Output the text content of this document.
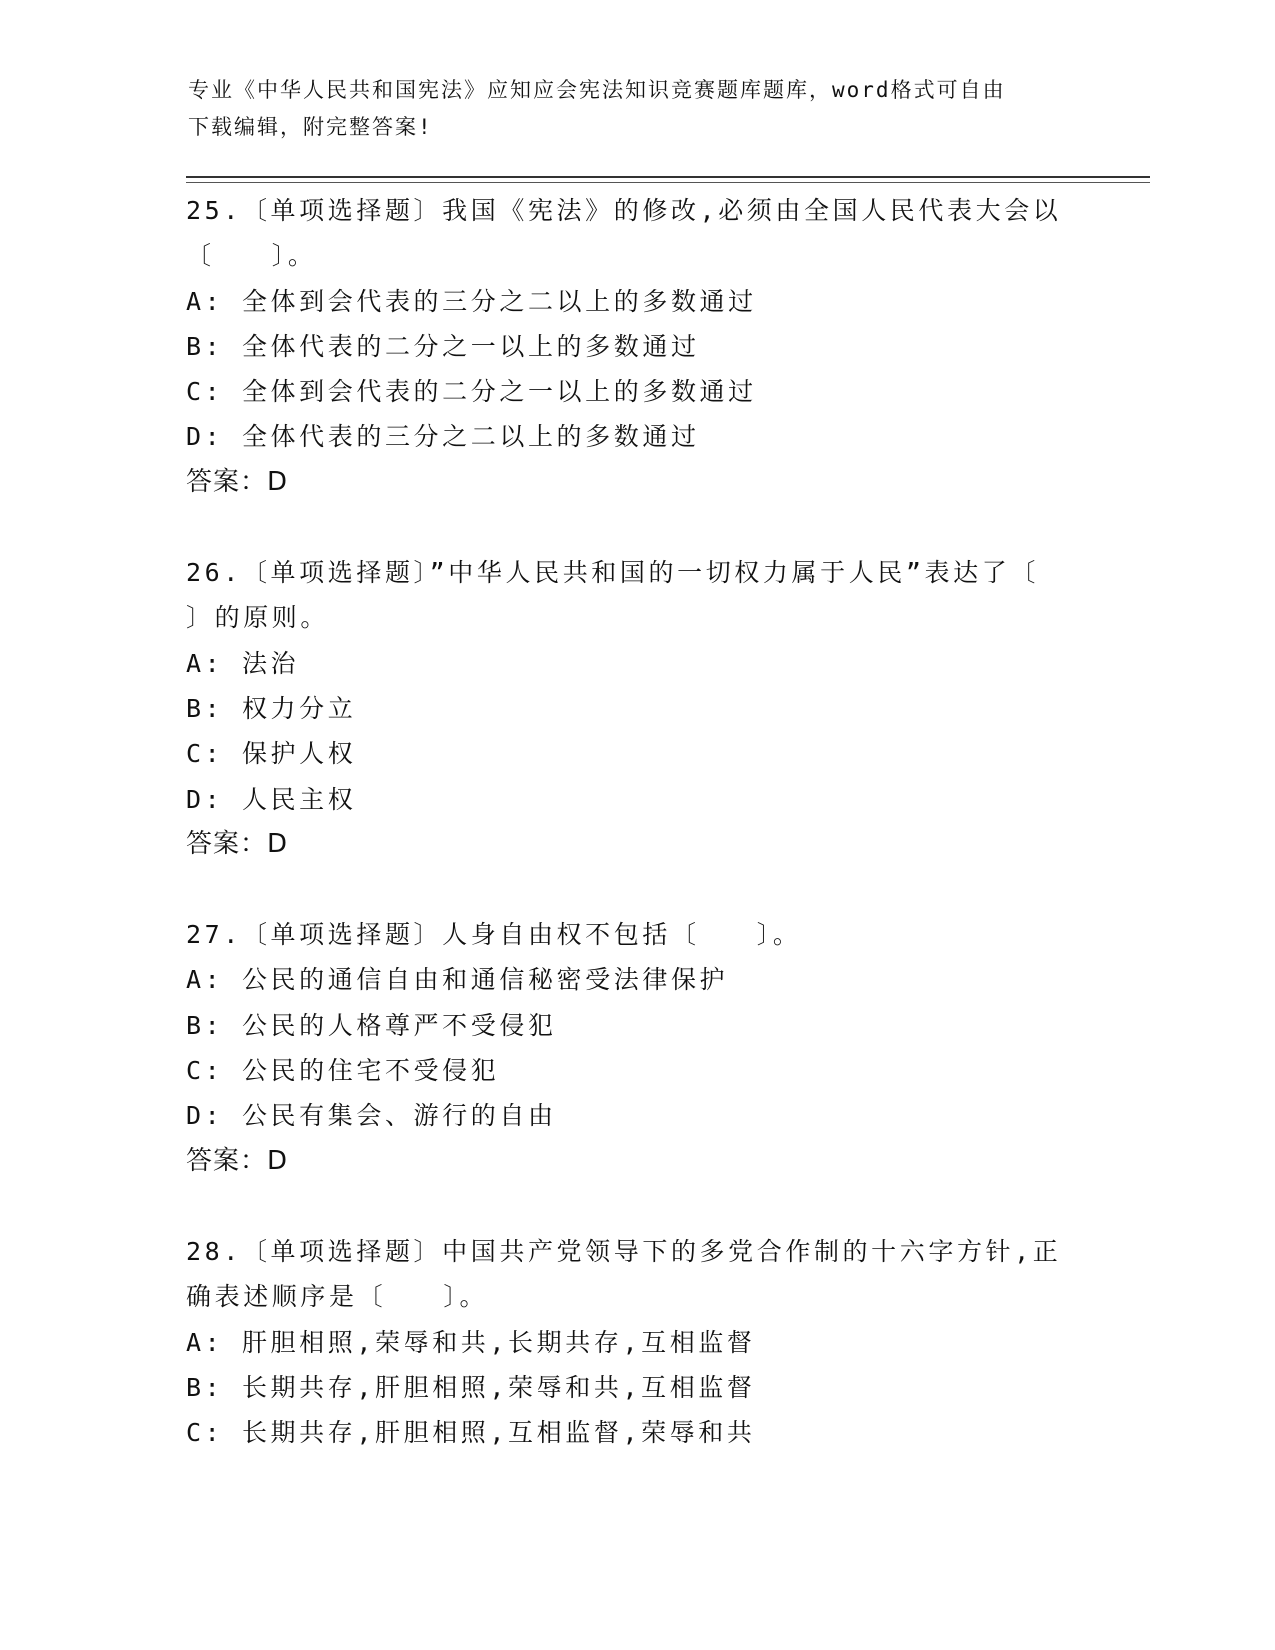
专业《中华人民共和国宪法》应知应会宪法知识竞赛题库题库，word格式可自由
下载编辑，附完整答案!
25.〔单项选择题〕我国《宪法》的修改,必须由全国人民代表大会以
〔　　〕。
A: 全体到会代表的三分之二以上的多数通过
B: 全体代表的二分之一以上的多数通过
C: 全体到会代表的二分之一以上的多数通过
D: 全体代表的三分之二以上的多数通过
答案：D
26.〔单项选择题〕”中华人民共和国的一切权力属于人民”表达了〔
〕的原则。
A: 法治
B: 权力分立
C: 保护人权
D: 人民主权
答案：D
27.〔单项选择题〕人身自由权不包括〔　　〕。
A: 公民的通信自由和通信秘密受法律保护
B: 公民的人格尊严不受侵犯
C: 公民的住宅不受侵犯
D: 公民有集会、游行的自由
答案：D
28.〔单项选择题〕中国共产党领导下的多党合作制的十六字方针,正
确表述顺序是〔　　〕。
A: 肝胆相照,荣辱和共,长期共存,互相监督
B: 长期共存,肝胆相照,荣辱和共,互相监督
C: 长期共存,肝胆相照,互相监督,荣辱和共
